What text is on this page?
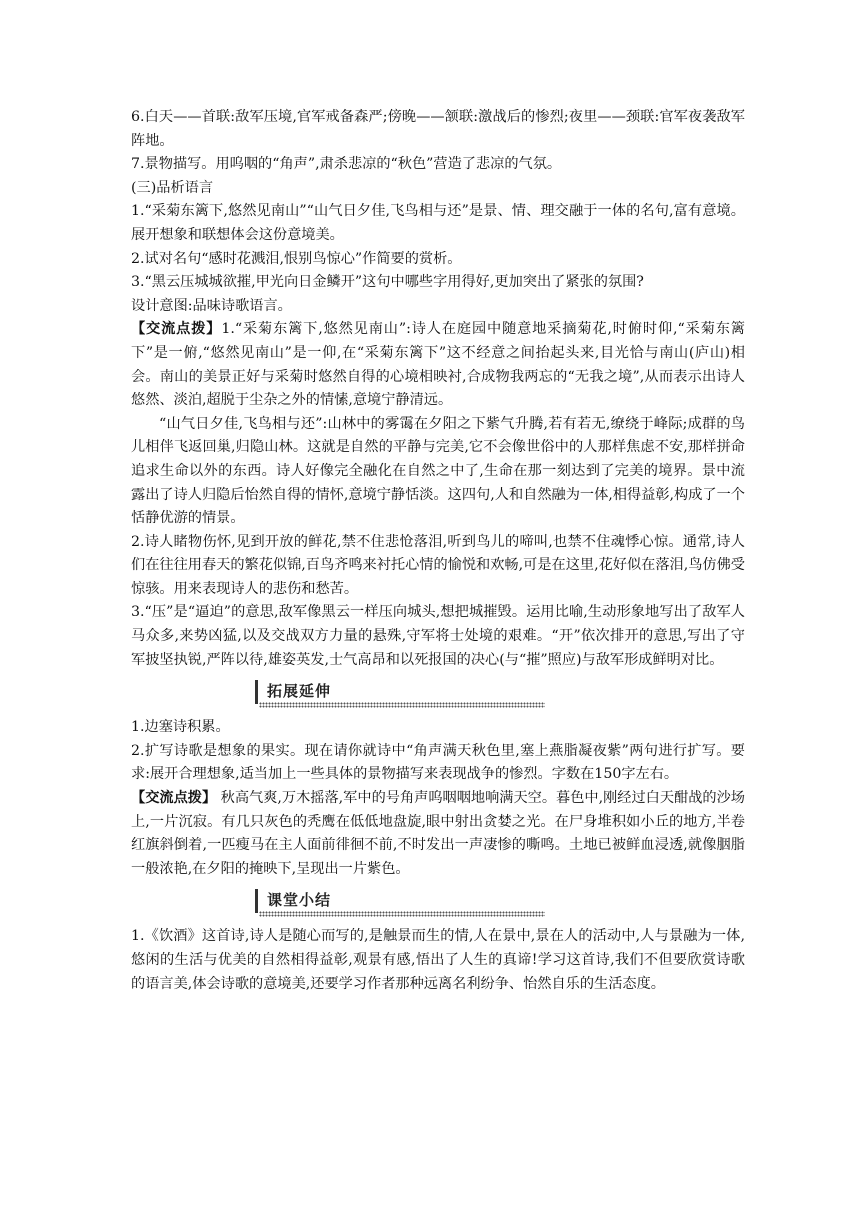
6.白天——首联:敌军压境,官军戒备森严;傍晚——颔联:激战后的惨烈;夜里——颈联:官军夜袭敌军阵地。

7.景物描写。用呜咽的“角声”,肃杀悲凉的“秋色”营造了悲凉的气氛。

(三)品析语言

1.“采菊东篱下,悠然见南山”“山气日夕佳,飞鸟相与还”是景、情、理交融于一体的名句,富有意境。展开想象和联想体会这份意境美。

2.试对名句“感时花溅泪,恨别鸟惊心”作简要的赏析。

3.“黑云压城城欲摧,甲光向日金鳞开”这句中哪些字用得好,更加突出了紧张的氛围?

设计意图:品味诗歌语言。

【交流点拨】1.“采菊东篱下,悠然见南山”:诗人在庭园中随意地采摘菊花,时俯时仰,“采菊东篱下”是一俯,“悠然见南山”是一仰,在“采菊东篱下”这不经意之间抬起头来,目光恰与南山(庐山)相会。南山的美景正好与采菊时悠然自得的心境相映衬,合成物我两忘的“无我之境”,从而表示出诗人悠然、淡泊,超脱于尘杂之外的情愫,意境宁静清远。

“山气日夕佳,飞鸟相与还”:山林中的雾霭在夕阳之下紫气升腾,若有若无,缭绕于峰际;成群的鸟儿相伴飞返回巢,归隐山林。这就是自然的平静与完美,它不会像世俗中的人那样焦虑不安,那样拼命追求生命以外的东西。诗人好像完全融化在自然之中了,生命在那一刻达到了完美的境界。景中流露出了诗人归隐后怡然自得的情怀,意境宁静恬淡。这四句,人和自然融为一体,相得益彰,构成了一个恬静优游的情景。

2.诗人睹物伤怀,见到开放的鲜花,禁不住悲怆落泪,听到鸟儿的啼叫,也禁不住魂悸心惊。通常,诗人们在往往用春天的繁花似锦,百鸟齐鸣来衬托心情的愉悦和欢畅,可是在这里,花好似在落泪,鸟仿佛受惊骇。用来表现诗人的悲伤和愁苦。

3.“压”是“逼迫”的意思,敌军像黑云一样压向城头,想把城摧毁。运用比喻,生动形象地写出了敌军人马众多,来势凶猛,以及交战双方力量的悬殊,守军将士处境的艰难。“开”依次排开的意思,写出了守军披坚执锐,严阵以待,雄姿英发,士气高昂和以死报国的决心(与“摧”照应)与敌军形成鲜明对比。

拓展延伸

1.边塞诗积累。

2.扩写诗歌是想象的果实。现在请你就诗中“角声满天秋色里,塞上燕脂凝夜紫”两句进行扩写。要求:展开合理想象,适当加上一些具体的景物描写来表现战争的惨烈。字数在150字左右。

【交流点拨】 秋高气爽,万木摇落,军中的号角声呜咽咽地响满天空。暮色中,刚经过白天酣战的沙场上,一片沉寂。有几只灰色的秃鹰在低低地盘旋,眼中射出贪婪之光。在尸身堆积如小丘的地方,半卷红旗斜倒着,一匹瘦马在主人面前徘徊不前,不时发出一声凄惨的嘶鸣。土地已被鲜血浸透,就像胭脂一般浓艳,在夕阳的掩映下,呈现出一片紫色。

课堂小结

1.《饮酒》这首诗,诗人是随心而写的,是触景而生的情,人在景中,景在人的活动中,人与景融为一体,悠闲的生活与优美的自然相得益彰,观景有感,悟出了人生的真谛!学习这首诗,我们不但要欣赏诗歌的语言美,体会诗歌的意境美,还要学习作者那种远离名利纷争、怡然自乐的生活态度。
